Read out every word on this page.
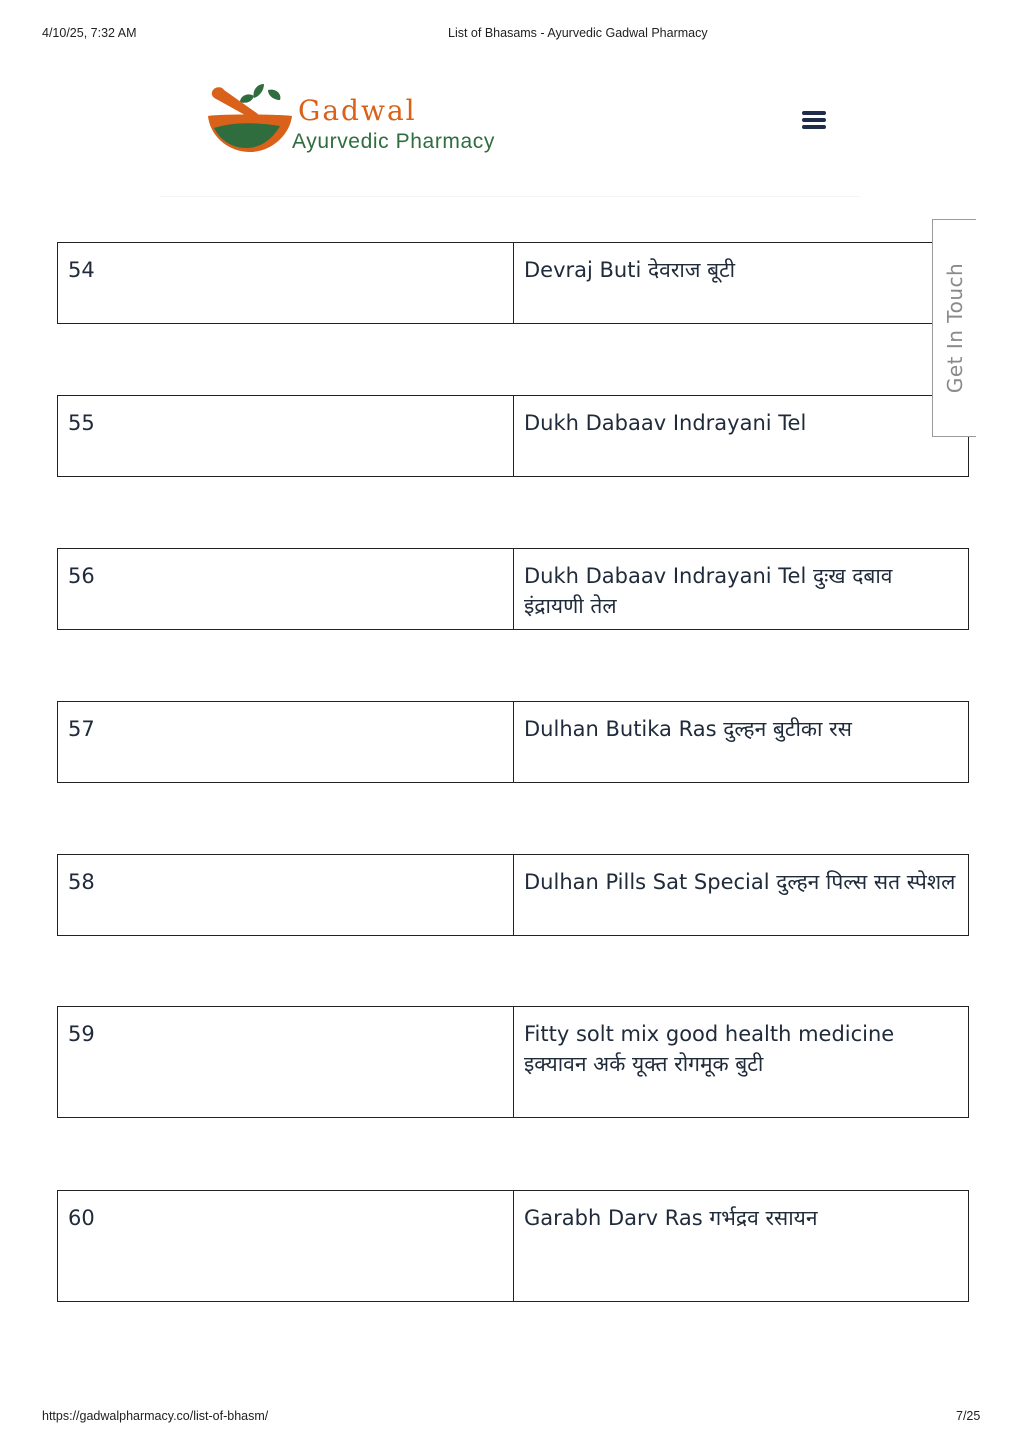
4/10/25, 7:32 AM	List of Bhasams - Ayurvedic Gadwal Pharmacy
Gadwal
Ayurvedic Pharmacy
54	Devraj Buti देवराज बूटी
55	Dukh Dabaav Indrayani Tel
56	Dukh Dabaav Indrayani Tel दुःख दबाव इंद्रायणी तेल
57	Dulhan Butika Ras दुल्हन बुटीका रस
58	Dulhan Pills Sat Special दुल्हन पिल्स सत स्पेशल
59	Fitty solt mix good health medicine इक्यावन अर्क यूक्त रोगमूक बुटी
60	Garabh Darv Ras गर्भद्रव रसायन
Get In Touch
https://gadwalpharmacy.co/list-of-bhasm/	7/25
